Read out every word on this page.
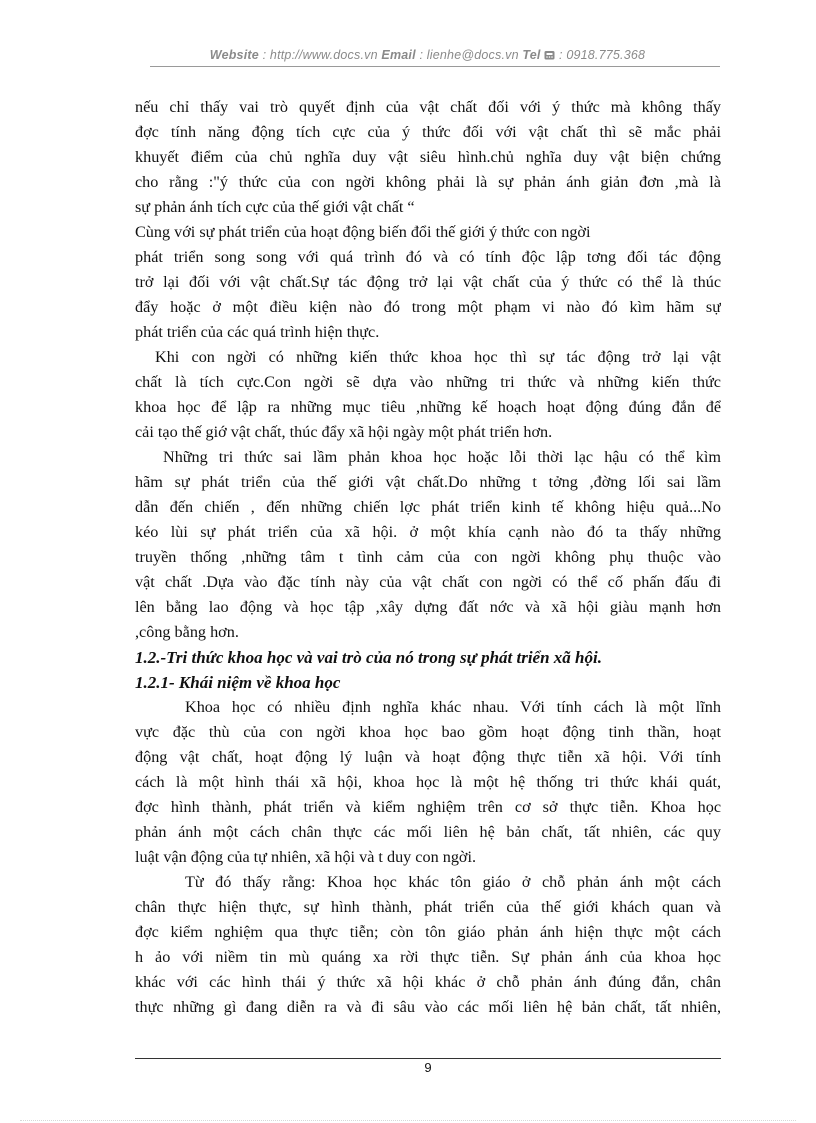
Website : http://www.docs.vn Email : lienhe@docs.vn Tel  : 0918.775.368
nếu chỉ thấy vai trò quyết định của vật chất đối với ý thức mà không thấy
đợc tính năng động tích cực của ý thức đối với vật chất thì sẽ mắc phải
khuyết điểm của chủ nghĩa duy vật siêu hình.chủ nghĩa duy vật biện chứng
cho rằng :"ý thức của con ngời không phải là sự phản ánh giản đơn ,mà là
sự phản ánh tích cực của thế giới vật chất “
Cùng với sự phát triển của hoạt động biến đổi thế giới ý thức con ngời
phát triển song song với quá trình đó và có tính độc lập tơng đối tác động
trở lại đối với vật chất.Sự tác động trở lại vật chất của ý thức có thể là thúc
đẩy hoặc ở một điều kiện nào đó trong một phạm vi nào đó kìm hãm sự
phát triển của các quá trình hiện thực.
Khi con ngời có những kiến thức khoa học thì sự tác động trở lại vật
chất là tích cực.Con ngời sẽ dựa vào những tri thức và những kiến thức
khoa học để lập ra những mục tiêu ,những kế hoạch hoạt động đúng đắn để
cải tạo thế giớ vật chất, thúc đẩy xã hội ngày một phát triển hơn.
Những tri thức sai lầm phản khoa học hoặc lỗi thời lạc hậu có thể kìm
hãm sự phát triển của thế giới vật chất.Do những t tởng ,đờng lối sai lầm
dẫn đến chiến , đến những chiến lợc phát triển kinh tế không hiệu quả...No
kéo lùi sự phát triển của xã hội. ở một khía cạnh nào đó ta thấy những
truyền thống ,những tâm t tình cảm của con ngời không phụ thuộc vào
vật chất .Dựa vào đặc tính này của vật chất con ngời có thể cố phấn đấu đi
lên bằng lao động và học tập ,xây dựng đất nớc và xã hội giàu mạnh hơn
,công bằng hơn.
1.2.-Tri thức khoa học và vai trò của nó trong sự phát triển xã hội.
1.2.1- Khái niệm về khoa học
Khoa học có nhiều định nghĩa khác nhau. Với tính cách là một lĩnh
vực đặc thù của con ngời khoa học bao gồm hoạt động tinh thần, hoạt
động vật chất, hoạt động lý luận và hoạt động thực tiễn xã hội. Với tính
cách là một hình thái xã hội, khoa học là một hệ thống tri thức khái quát,
đợc hình thành, phát triển và kiểm nghiệm trên cơ sở thực tiễn. Khoa học
phản ánh một cách chân thực các mối liên hệ bản chất, tất nhiên, các quy
luật vận động của tự nhiên, xã hội và t duy con ngời.
Từ đó thấy rằng: Khoa học khác tôn giáo ở chỗ phản ánh một cách
chân thực hiện thực, sự hình thành, phát triển của thế giới khách quan và
đợc kiểm nghiệm qua thực tiễn; còn tôn giáo phản ánh hiện thực một cách
h ảo với niềm tin mù quáng xa rời thực tiễn. Sự phản ánh của khoa học
khác với các hình thái ý thức xã hội khác ở chỗ phản ánh đúng đắn, chân
thực những gì đang diễn ra và đi sâu vào các mối liên hệ bản chất, tất nhiên,
9
